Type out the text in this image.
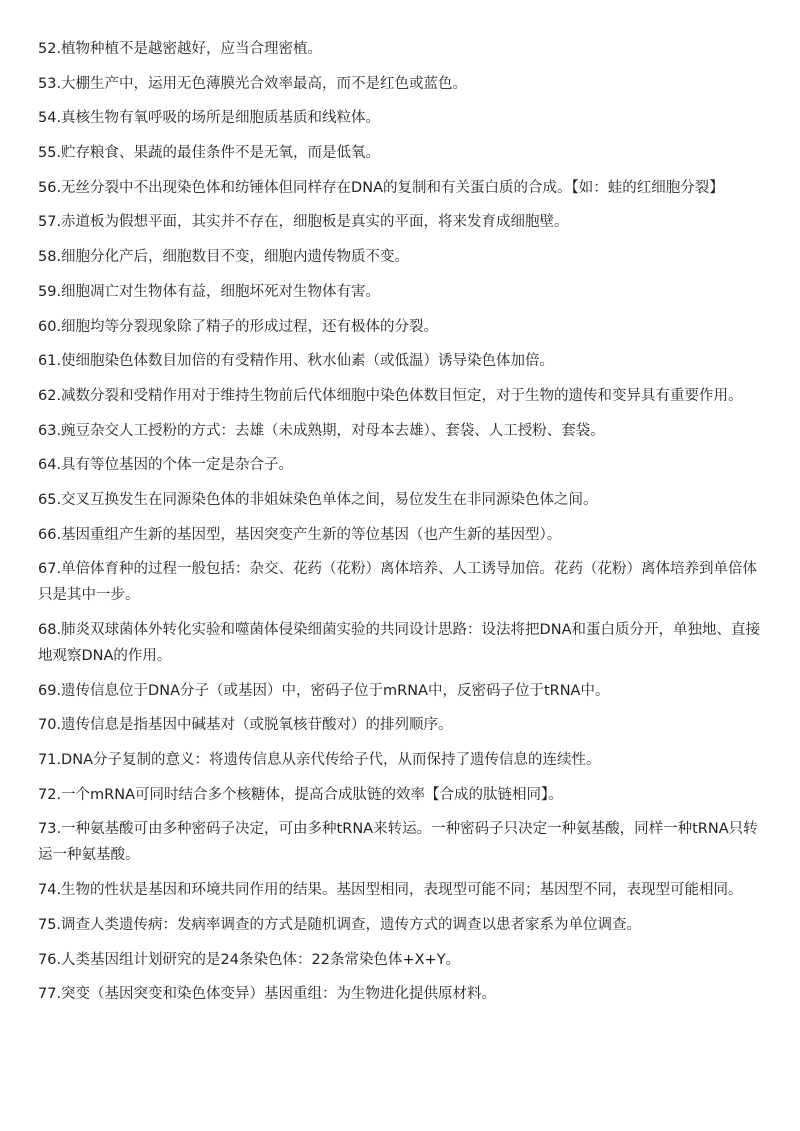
52.植物种植不是越密越好，应当合理密植。
53.大棚生产中，运用无色薄膜光合效率最高，而不是红色或蓝色。
54.真核生物有氧呼吸的场所是细胞质基质和线粒体。
55.贮存粮食、果蔬的最佳条件不是无氧，而是低氧。
56.无丝分裂中不出现染色体和纺锤体但同样存在DNA的复制和有关蛋白质的合成。【如：蛙的红细胞分裂】
57.赤道板为假想平面，其实并不存在，细胞板是真实的平面，将来发育成细胞壁。
58.细胞分化产后，细胞数目不变，细胞内遗传物质不变。
59.细胞凋亡对生物体有益，细胞坏死对生物体有害。
60.细胞均等分裂现象除了精子的形成过程，还有极体的分裂。
61.使细胞染色体数目加倍的有受精作用、秋水仙素（或低温）诱导染色体加倍。
62.减数分裂和受精作用对于维持生物前后代体细胞中染色体数目恒定，对于生物的遗传和变异具有重要作用。
63.豌豆杂交人工授粉的方式：去雄（未成熟期，对母本去雄）、套袋、人工授粉、套袋。
64.具有等位基因的个体一定是杂合子。
65.交叉互换发生在同源染色体的非姐妹染色单体之间，易位发生在非同源染色体之间。
66.基因重组产生新的基因型，基因突变产生新的等位基因（也产生新的基因型）。
67.单倍体育种的过程一般包括：杂交、花药（花粉）离体培养、人工诱导加倍。花药（花粉）离体培养到单倍体只是其中一步。
68.肺炎双球菌体外转化实验和噬菌体侵染细菌实验的共同设计思路：设法将把DNA和蛋白质分开，单独地、直接地观察DNA的作用。
69.遗传信息位于DNA分子（或基因）中，密码子位于mRNA中，反密码子位于tRNA中。
70.遗传信息是指基因中碱基对（或脱氧核苷酸对）的排列顺序。
71.DNA分子复制的意义：将遗传信息从亲代传给子代，从而保持了遗传信息的连续性。
72.一个mRNA可同时结合多个核糖体，提高合成肽链的效率【合成的肽链相同】。
73.一种氨基酸可由多种密码子决定，可由多种tRNA来转运。一种密码子只决定一种氨基酸，同样一种tRNA只转运一种氨基酸。
74.生物的性状是基因和环境共同作用的结果。基因型相同，表现型可能不同；基因型不同，表现型可能相同。
75.调查人类遗传病：发病率调查的方式是随机调查，遗传方式的调查以患者家系为单位调查。
76.人类基因组计划研究的是24条染色体：22条常染色体+X+Y。
77.突变（基因突变和染色体变异）基因重组：为生物进化提供原材料。
